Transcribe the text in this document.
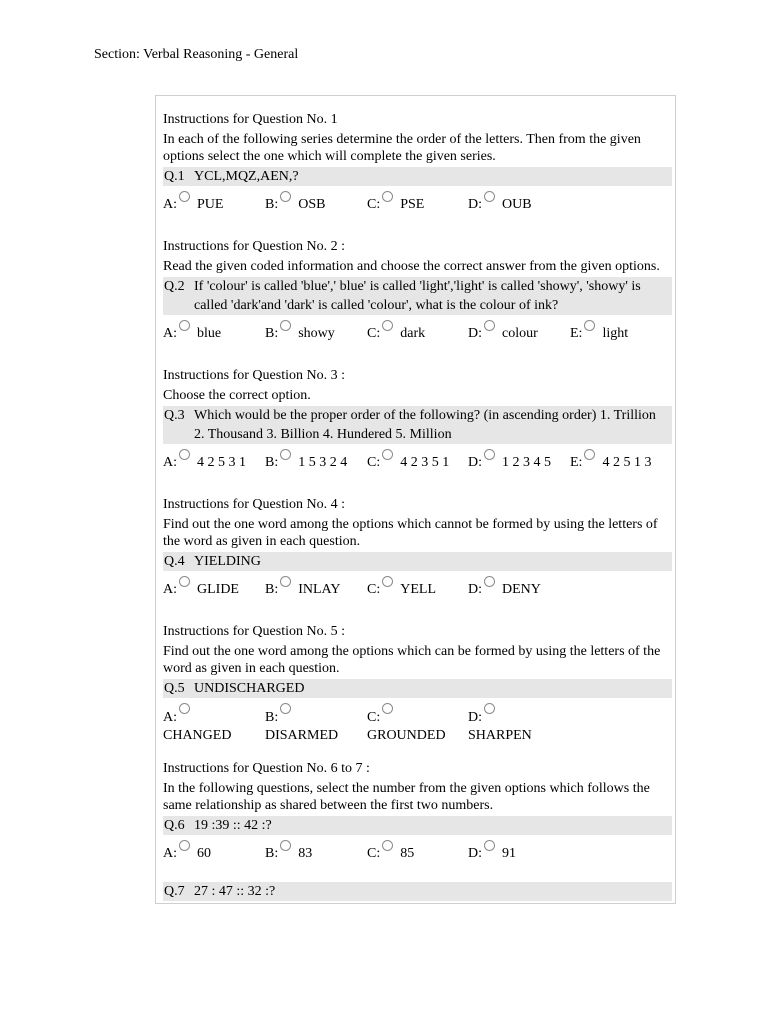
Section: Verbal Reasoning - General
Instructions for Question No. 1
In each of the following series determine the order of the letters. Then from the given options select the one which will complete the given series.
Q.1 YCL,MQZ,AEN,?
A: PUE	B: OSB	C: PSE	D: OUB
Instructions for Question No. 2 :
Read the given coded information and choose the correct answer from the given options.
Q.2 If 'colour' is called 'blue',' blue' is called 'light','light' is called 'showy', 'showy' is called 'dark'and 'dark' is called 'colour', what is the colour of ink?
A: blue	B: showy C: dark	D: colour E: light
Instructions for Question No. 3 :
Choose the correct option.
Q.3 Which would be the proper order of the following? (in ascending order) 1. Trillion 2. Thousand 3. Billion 4. Hundered 5. Million
A: 4 2 5 3 1 B: 1 5 3 2 4 C: 4 2 3 5 1 D: 1 2 3 4 5 E: 4 2 5 1 3
Instructions for Question No. 4 :
Find out the one word among the options which cannot be formed by using the letters of the word as given in each question.
Q.4 YIELDING
A: GLIDE B: INLAY C: YELL D: DENY
Instructions for Question No. 5 :
Find out the one word among the options which can be formed by using the letters of the word as given in each question.
Q.5 UNDISCHARGED
A:
CHANGED
B:
DISARMED
C:
GROUNDED
D:
SHARPEN
Instructions for Question No. 6 to 7 :
In the following questions, select the number from the given options which follows the same relationship as shared between the first two numbers.
Q.6 19 :39 :: 42 :?
A: 60	B: 83	C: 85	D: 91
Q.7 27 : 47 :: 32 :?
